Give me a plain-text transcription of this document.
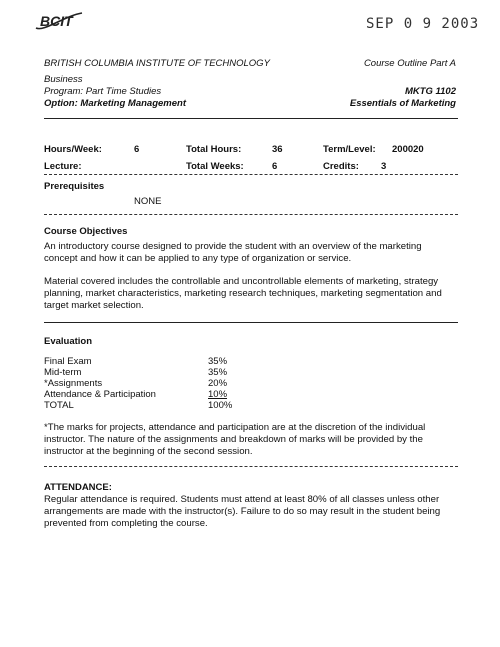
BCIT	SEP 0 9 2003
BRITISH COLUMBIA INSTITUTE OF TECHNOLOGY	Course Outline Part A
Business
Program: Part Time Studies
Option: Marketing Management
MKTG 1102
Essentials of Marketing
Hours/Week:	6	Total Hours:	36	Term/Level: 200020
Lecture:	Total Weeks:	6	Credits: 3
Prerequisites
NONE
Course Objectives
An introductory course designed to provide the student with an overview of the marketing concept and how it can be applied to any type of organization or service.
Material covered includes the controllable and uncontrollable elements of marketing, strategy planning, market characteristics, marketing research techniques, marketing segmentation and target market selection.
Evaluation
Final Exam	35%
Mid-term	35%
*Assignments	20%
Attendance & Participation	10%
TOTAL	100%
*The marks for projects, attendance and participation are at the discretion of the individual instructor. The nature of the assignments and breakdown of marks will be provided by the instructor at the beginning of the second session.
ATTENDANCE:
Regular attendance is required. Students must attend at least 80% of all classes unless other arrangements are made with the instructor(s). Failure to do so may result in the student being prevented from completing the course.
